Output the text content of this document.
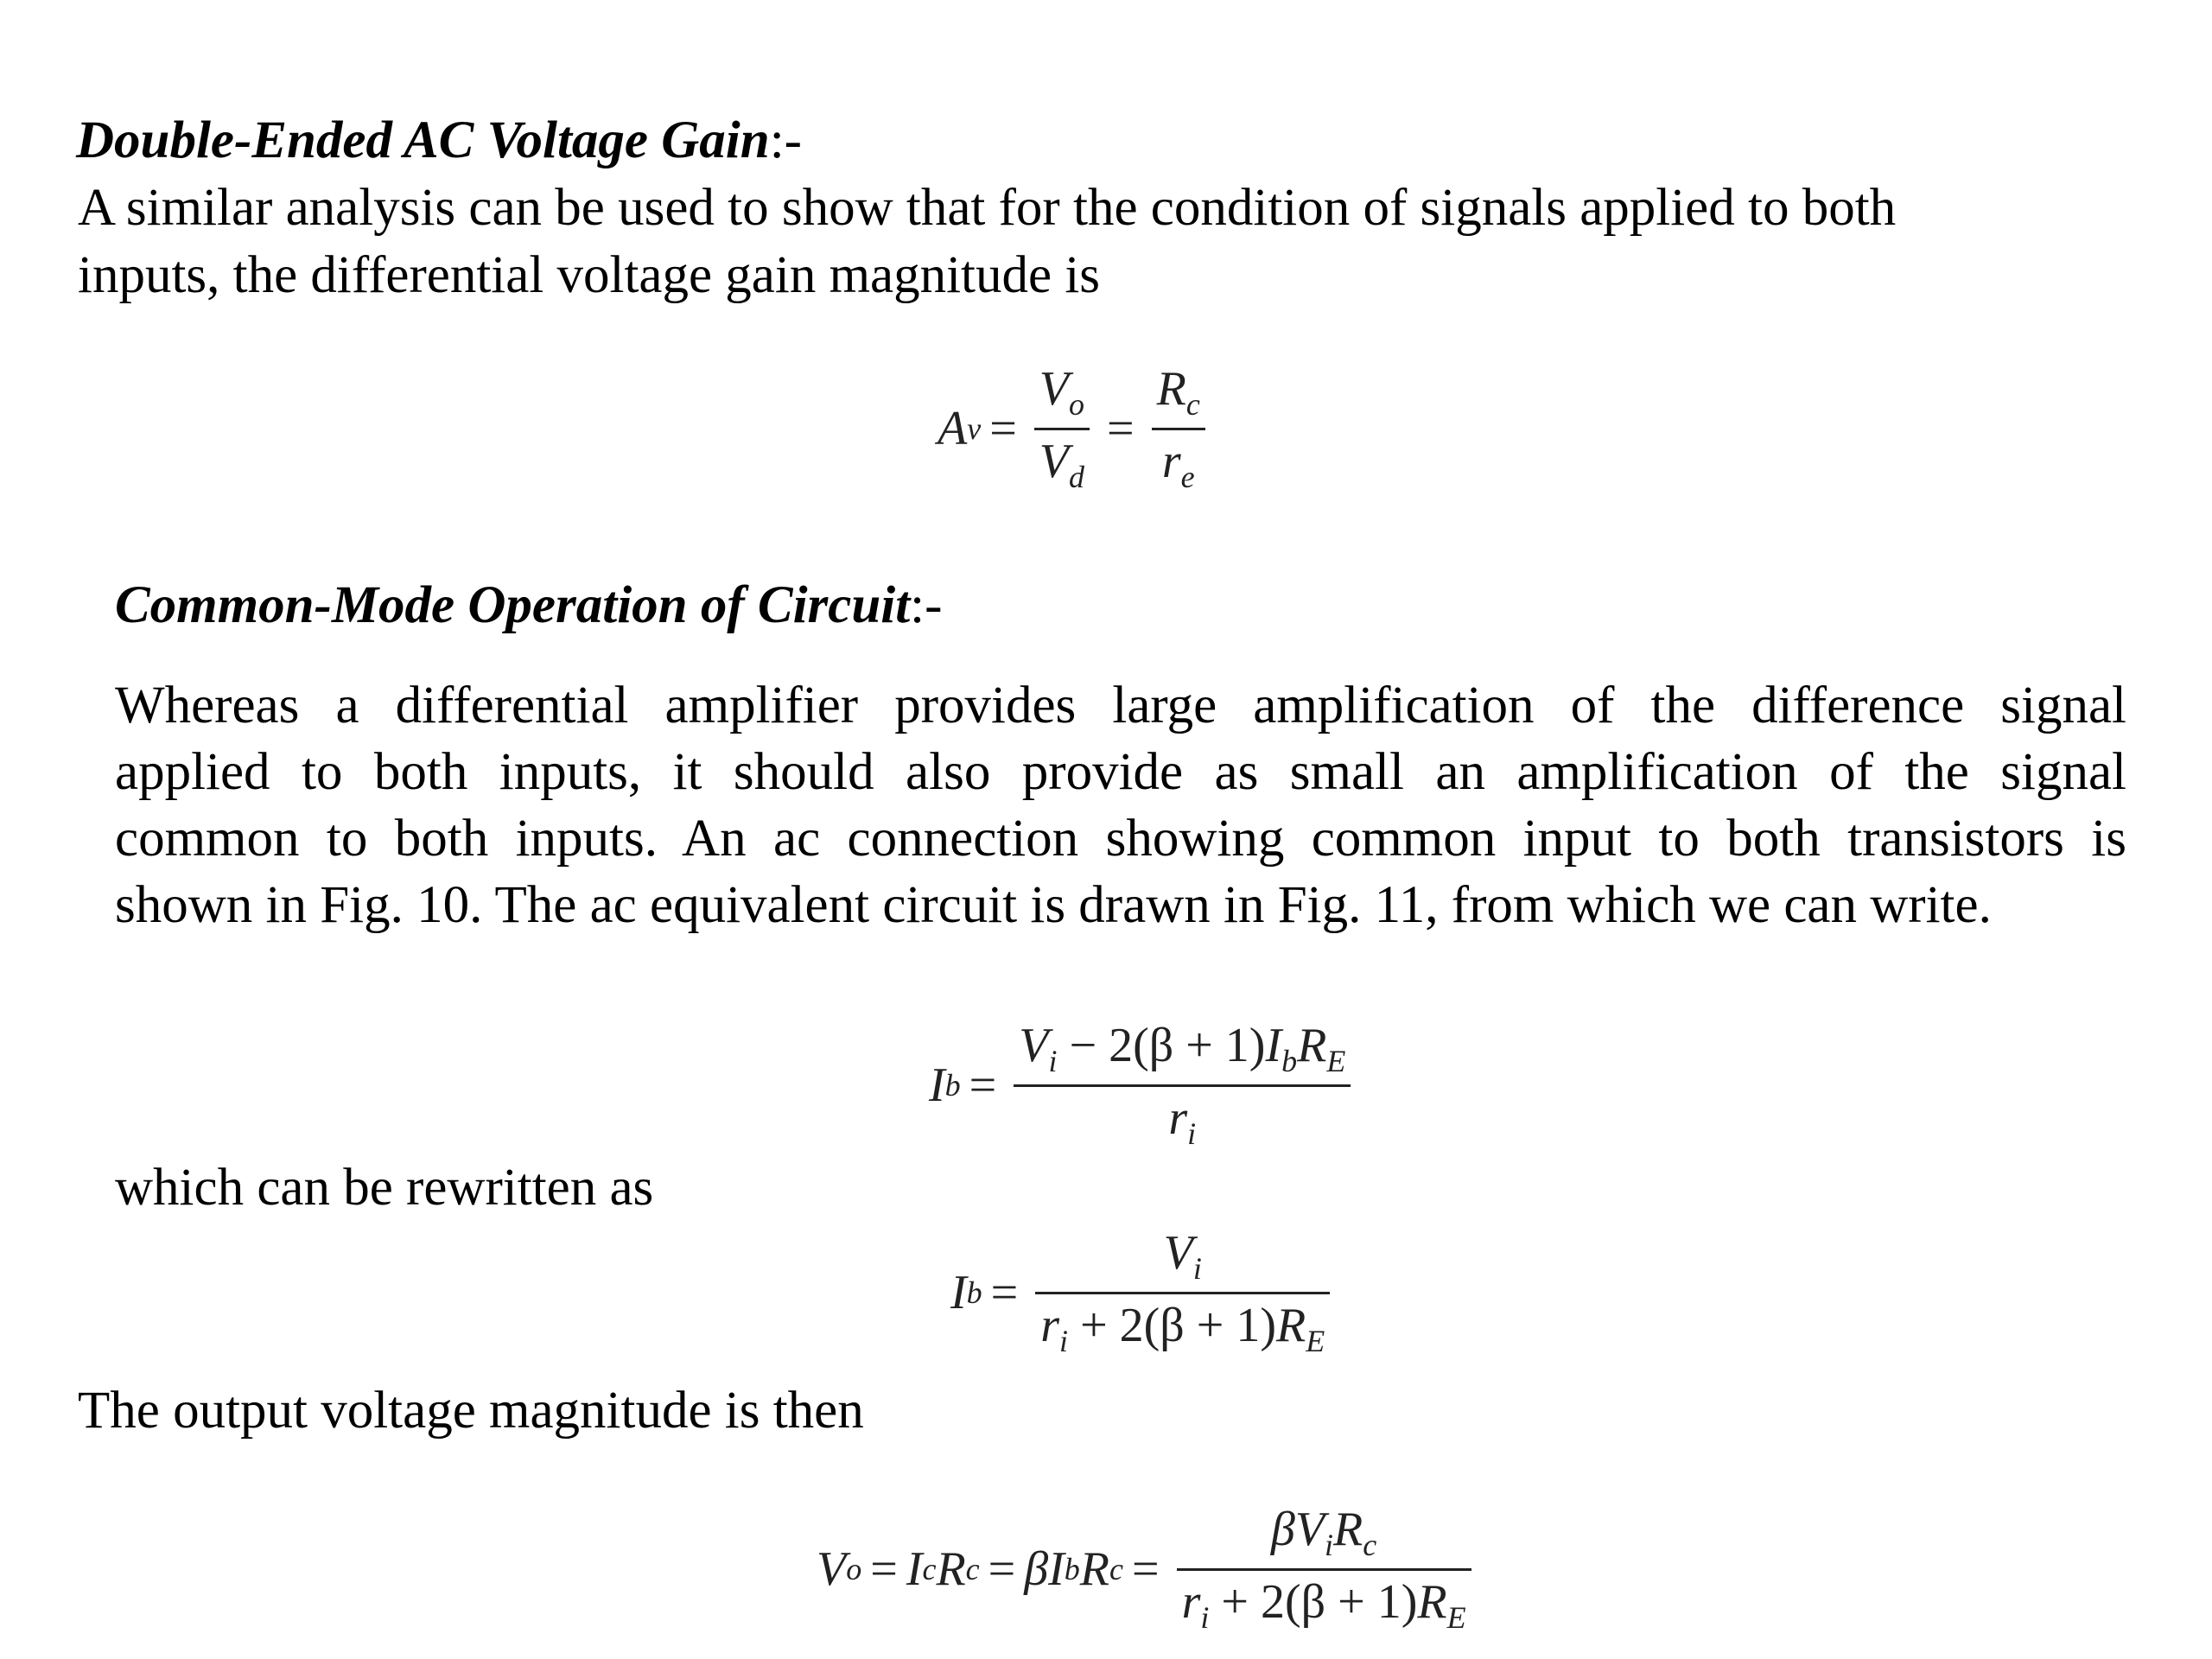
Double-Ended AC Voltage Gain:-
A similar analysis can be used to show that for the condition of signals applied to both
inputs, the differential voltage gain magnitude is
A $v = \frac{V_o}{V_d} = \frac{R_c}{r_e}$
Common-Mode Operation of Circuit:-
Whereas a differential amplifier provides large amplification of the difference signal
applied to both inputs, it should also provide as small an amplification of the signal
common to both inputs. An ac connection showing common input to both transistors is
shown in Fig. 10. The ac equivalent circuit is drawn in Fig. 11, from which we can write.
I $b = \frac{V_i - 2(\beta + 1)I_bR_E}{r_i}$
which can be rewritten as
I $b = \frac{V_i}{r_i + 2(\beta + 1)R_E}$
The output voltage magnitude is then
V o = I c R c = β I b R $c = \frac{\beta V_iR_c}{r_i + 2(\beta + 1)R_E}$
